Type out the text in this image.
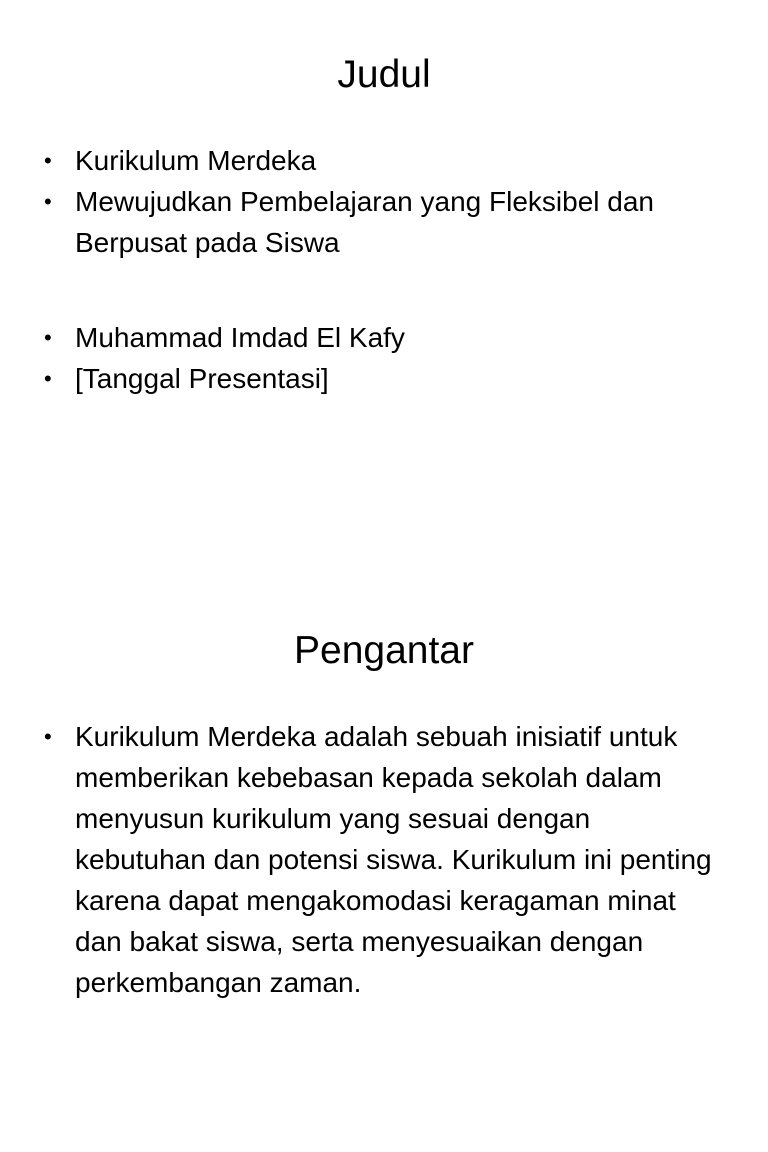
Judul
• Kurikulum Merdeka
• Mewujudkan Pembelajaran yang Fleksibel dan Berpusat pada Siswa
• Muhammad Imdad El Kafy
• [Tanggal Presentasi]
Pengantar
• Kurikulum Merdeka adalah sebuah inisiatif untuk memberikan kebebasan kepada sekolah dalam menyusun kurikulum yang sesuai dengan kebutuhan dan potensi siswa. Kurikulum ini penting karena dapat mengakomodasi keragaman minat dan bakat siswa, serta menyesuaikan dengan perkembangan zaman.
